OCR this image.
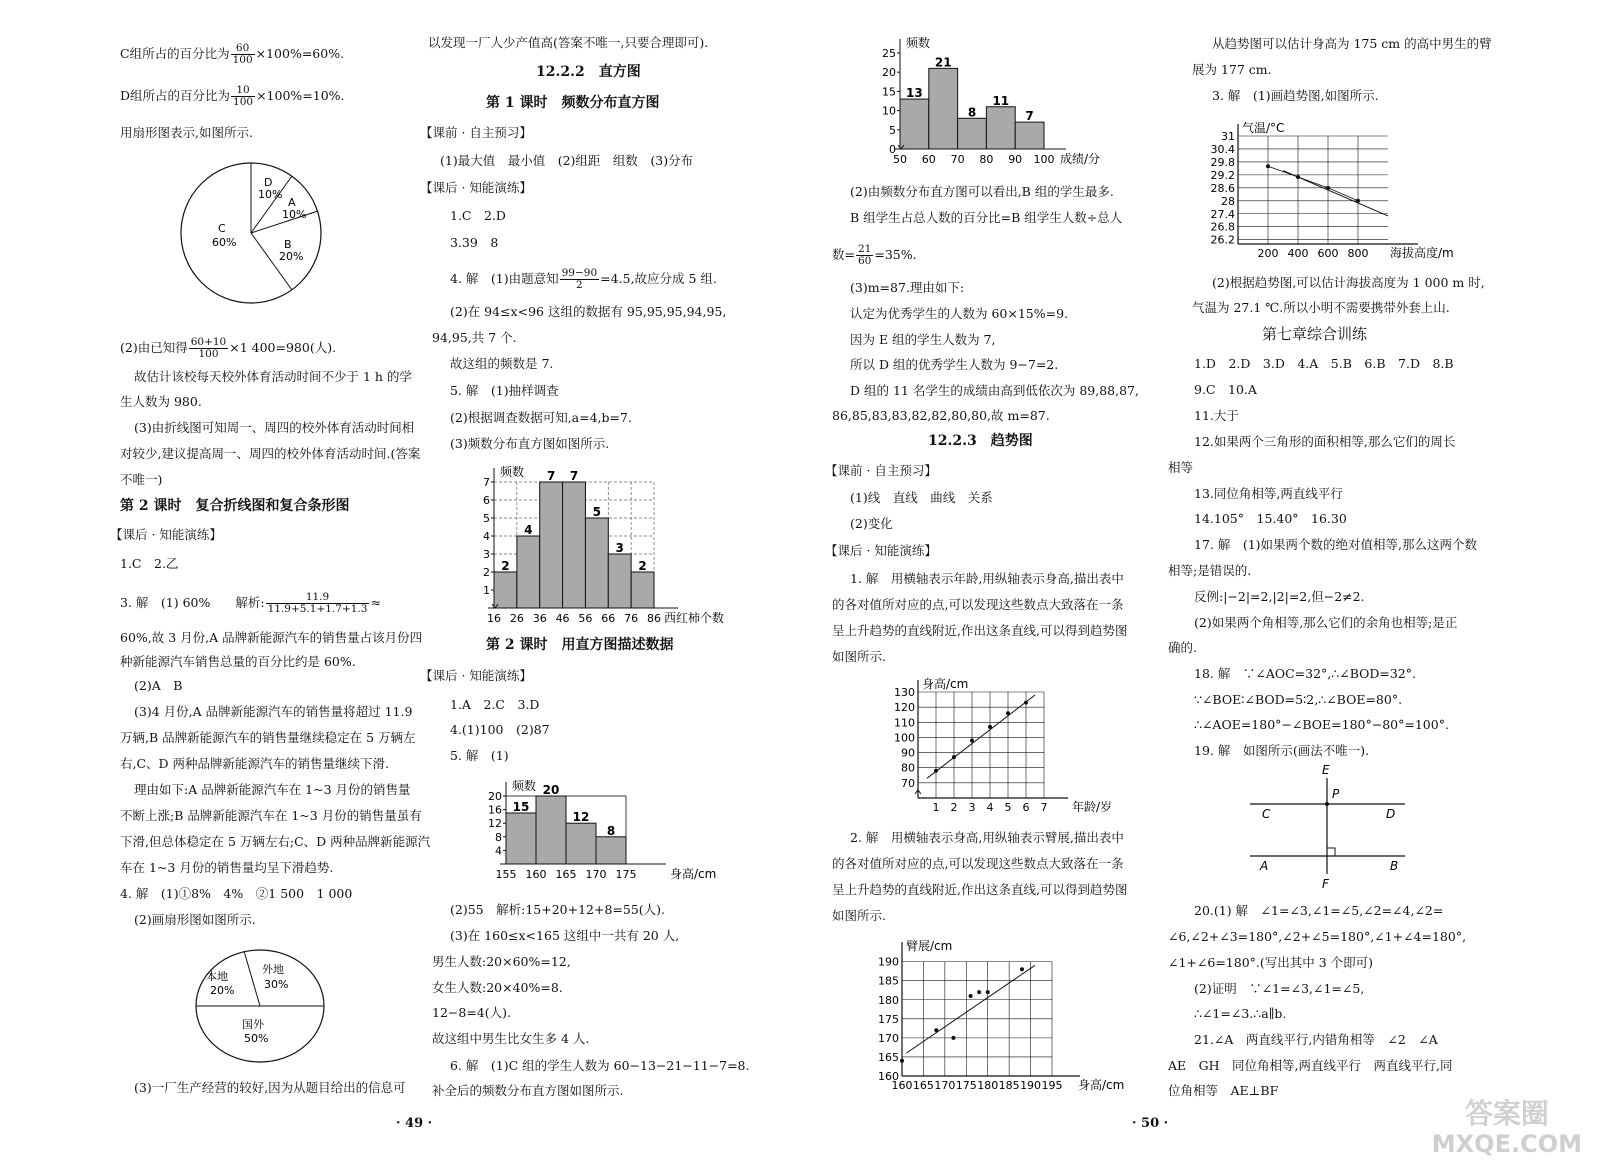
C组所占的百分比为 $\frac{60}{100} \times 100\%=60\%$.
D组所占的百分比为 $\frac{10}{100} \times 100\%=10\%$.
用扇形图表示,如图所示.
D
10%
A
10%
B
20%
C
60%
(2)由已知得 $\frac{60+10}{100} \times 1$ 400=980(人).
故估计该校每天校外体育活动时间不少于 1 h 的学
生人数为 980.
(3)由折线图可知周一、周四的校外体育活动时间相
对较少,建议提高周一、周四的校外体育活动时间.(答案
不唯一)
第 2 课时　复合折线图和复合条形图
【课后 · 知能演练】
1.C　2.乙
3. 解　(1) 60%　　解析: $\frac{11.9}{11.9+5.1+1.7+1.3}$ ≈
60%,故 3 月份,A 品牌新能源汽车的销售量占该月份四
种新能源汽车销售总量的百分比约是 60%.
(2)A　B
(3)4 月份,A 品牌新能源汽车的销售量将超过 11.9
万辆,B 品牌新能源汽车的销售量继续稳定在 5 万辆左
右,C、D 两种品牌新能源汽车的销售量继续下滑.
理由如下:A 品牌新能源汽车在 1~3 月份的销售量
不断上涨;B 品牌新能源汽车在 1~3 月份的销售量虽有
下滑,但总体稳定在 5 万辆左右;C、D 两种品牌新能源汽
车在 1~3 月份的销售量均呈下滑趋势.
4. 解　(1)①8%　4%　②1 500　1 000
(2)画扇形图如图所示.
本地
20%
外地
30%
国外
50%
(3)一厂生产经营的较好,因为从题目给出的信息可
以发现一厂人少产值高(答案不唯一,只要合理即可).
12.2.2　直方图
第 1 课时　频数分布直方图
【课前 · 自主预习】
(1)最大值　最小值　(2)组距　组数　(3)分布
【课后 · 知能演练】
1.C　2.D
3.39　8
4. 解　(1)由题意知 $\frac{99-90}{2} =4.5$,故应分成 5 组.
(2)在 94≤x<96 这组的数据有 95,95,95,94,95,
94,95,共 7 个.
故这组的频数是 7.
5. 解　(1)抽样调查
(2)根据调查数据可知,a=4,b=7.
(3)频数分布直方图如图所示.
2
4
7 7
5
3
2
1
2
3
4
5
6
7
16 26 36 46 56 66 76 86
频数
西红柿个数
第 2 课时　用直方图描述数据
【课后 · 知能演练】
1.A　2.C　3.D
4.(1)100　(2)87
5. 解　(1)
15
20
12
8
4
8
12
16
20
155 160 165 170 175
频数
身高/cm
(2)55　解析:15+20+12+8=55(人).
(3)在 160≤x<165 这组中一共有 20 人,
男生人数:20×60%=12,
女生人数:20×40%=8.
12−8=4(人).
故这组中男生比女生多 4 人.
6. 解　(1)C 组的学生人数为 60−13−21−11−7=8.
补全后的频数分布直方图如图所示.
13
21
8
11
7
0
5
10
15
20
25
50 60 70 80 90 100
频数
成绩/分
(2)由频数分布直方图可以看出,B 组的学生最多.
B 组学生占总人数的百分比=B 组学生人数÷总人
数= $\frac{21}{60} =35\%$.
(3)m=87.理由如下:
认定为优秀学生的人数为 60×15%=9.
因为 E 组的学生人数为 7,
所以 D 组的优秀学生人数为 9−7=2.
D 组的 11 名学生的成绩由高到低依次为 89,88,87,
86,85,83,83,82,82,80,80,故 m=87.
12.2.3　趋势图
【课前 · 自主预习】
(1)线　直线　曲线　关系
(2)变化
【课后 · 知能演练】
1. 解　用横轴表示年龄,用纵轴表示身高,描出表中
的各对值所对应的点,可以发现这些数点大致落在一条
呈上升趋势的直线附近,作出这条直线,可以得到趋势图
如图所示.
70
80
90
100
110
120
130
1 2 3 4 5 6 7
身高/cm
年龄/岁
2. 解　用横轴表示身高,用纵轴表示臂展,描出表中
的各对值所对应的点,可以发现这些数点大致落在一条
呈上升趋势的直线附近,作出这条直线,可以得到趋势图
如图所示.
160
165
170
175
180
185
190
160 165 170 175 180 185 190 195
臂展/cm
身高/cm
从趋势图可以估计身高为 175 cm 的高中男生的臂
展为 177 cm.
3. 解　(1)画趋势图,如图所示.
26.2
26.8
27.4
28
28.6
29.2
29.8
30.4
31
200 400 600 800
气温/°C
海拔高度/m
(2)根据趋势图,可以估计海拔高度为 1 000 m 时,
气温为 27.1 ℃.所以小明不需要携带外套上山.
第七章综合训练
1.D　2.D　3.D　4.A　5.B　6.B　7.D　8.B
9.C　10.A
11.大于
12.如果两个三角形的面积相等,那么它们的周长
相等
13.同位角相等,两直线平行
14.105°　15.40°　16.30
17. 解　(1)如果两个数的绝对值相等,那么这两个数
相等;是错误的.
反例:|−2|=2,|2|=2,但−2≠2.
(2)如果两个角相等,那么它们的余角也相等;是正
确的.
18. 解　∵∠AOC=32°,∴∠BOD=32°.
∵∠BOE∶∠BOD=5∶2,∴∠BOE=80°.
∴∠AOE=180°−∠BOE=180°−80°=100°.
19. 解　如图所示(画法不唯一).
E
P
C	D
A	B
F
20.(1) 解　∠1=∠3,∠1=∠5,∠2=∠4,∠2=
∠6,∠2+∠3=180°,∠2+∠5=180°,∠1+∠4=180°,
∠1+∠6=180°.(写出其中 3 个即可)
(2)证明　∵∠1=∠3,∠1=∠5,
∴∠1=∠3.∴a∥b.
21.∠A　两直线平行,内错角相等　∠2　∠A
AE　GH　同位角相等,两直线平行　两直线平行,同
位角相等　AE⊥BF
· 49 ·	· 50 ·	答案圈
MXQE.COM
